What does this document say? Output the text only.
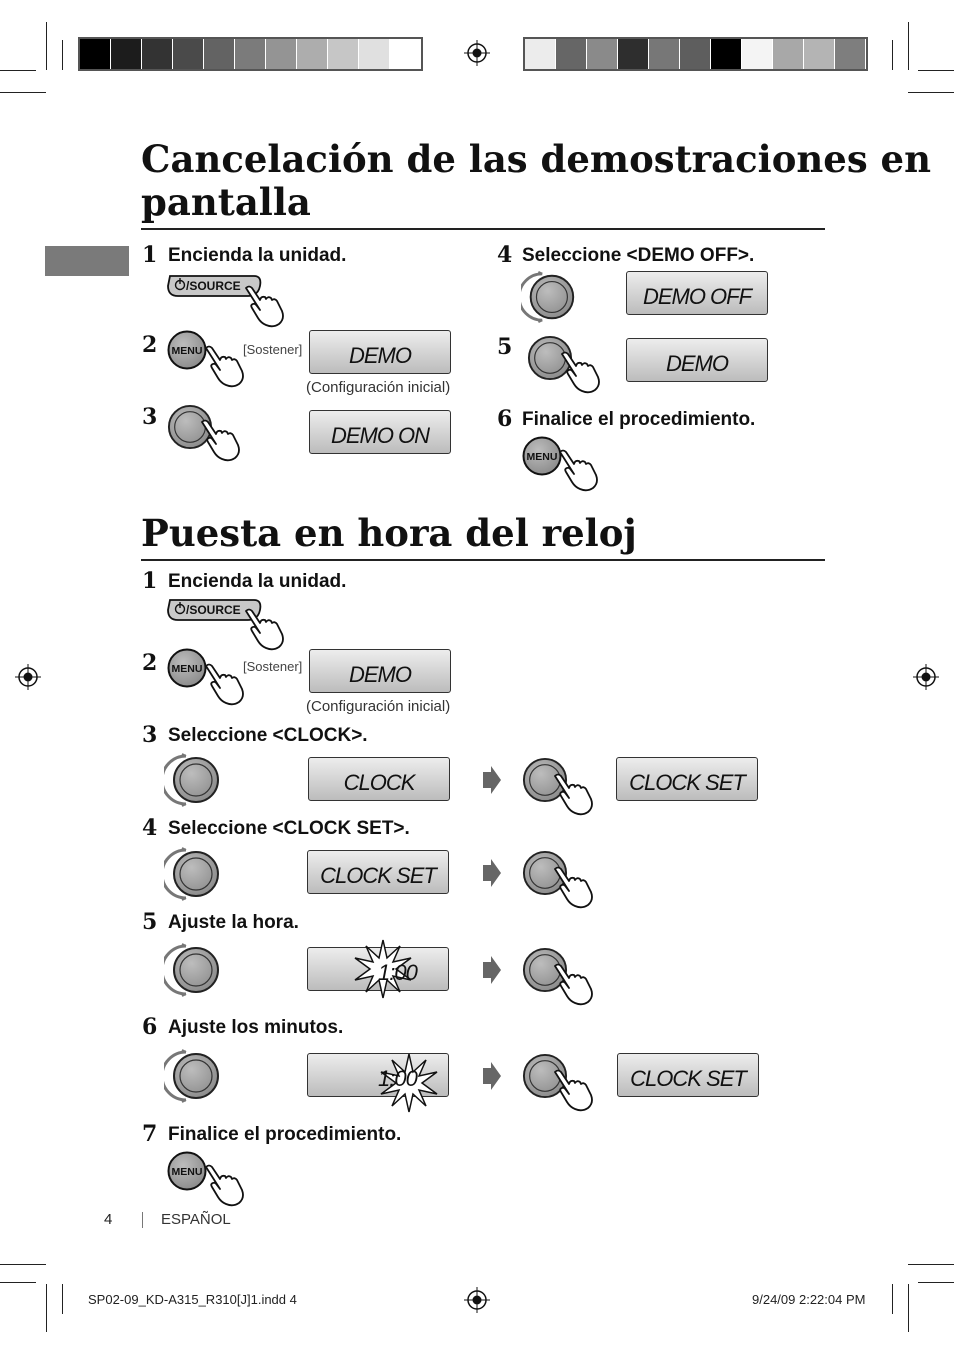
Cancelación de las demostraciones en
pantalla
1 Encienda la unidad.
/SOURCE
2 MENU	[Sostener]	DEMO
(Configuración inicial)
3
DEMO ON
4 Seleccione <DEMO OFF>.
DEMO OFF
5
DEMO
6 Finalice el procedimiento.
MENU
Puesta en hora del reloj
1 Encienda la unidad.
/SOURCE
2 MENU	[Sostener]	DEMO
(Configuración inicial)
3 Seleccione <CLOCK>.
CLOCK	CLOCK SET
4 Seleccione <CLOCK SET>.
CLOCK SET
5 Ajuste la hora.
1:00
6 Ajuste los minutos.
1:00	CLOCK SET
7 Finalice el procedimiento.
MENU
4	ESPAÑOL
SP02-09_KD-A315_R310[J]1.indd 4	9/24/09 2:22:04 PM
